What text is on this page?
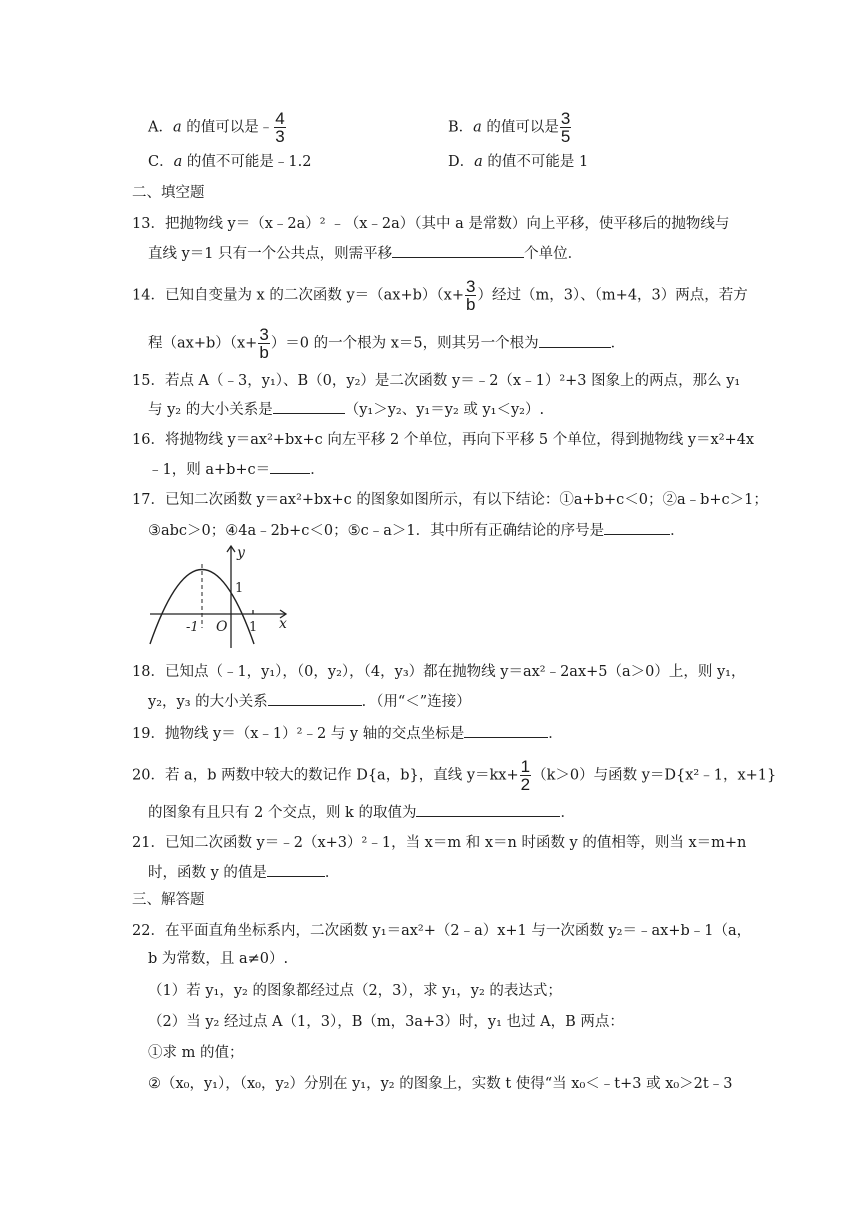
A．a 的值可以是﹣ $\frac{4}{3}$	B．a 的值可以是 $\frac{3}{5}$
C．a 的值不可能是﹣1.2	D．a 的值不可能是 1
二、填空题
13．把抛物线 y＝（x﹣2a）² ﹣（x﹣2a）（其中 a 是常数）向上平移，使平移后的抛物线与
直线 y＝1 只有一个公共点，则需平移	个单位．
14．已知自变量为 x 的二次函数 $y=(ax+b)(x+ \frac{3}{b}$ ）经过（m，3）、（m+4，3）两点，若方
程$(ax+b)(x+ \frac{3}{b} )=0$ 的一个根为 x＝5，则其另一个根为	．
15．若点 A（﹣3，y₁）、B（0，y₂）是二次函数 y＝﹣2（x﹣1）²+3 图象上的两点，那么 y₁
与 y₂ 的大小关系是	（y₁＞y₂、y₁＝y₂ 或 y₁＜y₂）.
16．将抛物线 y＝ax²+bx+c 向左平移 2 个单位，再向下平移 5 个单位，得到抛物线 y＝x²+4x
﹣1，则 a+b+c＝	．
17．已知二次函数 y＝ax²+bx+c 的图象如图所示，有以下结论：①a+b+c＜0；②a﹣b+c＞1；
③abc＞0；④4a﹣2b+c＜0；⑤c﹣a＞1．其中所有正确结论的序号是	．
y
1
-1 O 1 x
18．已知点（﹣1，y₁），（0，y₂），（4，y₃）都在抛物线 y＝ax²﹣2ax+5（a＞0）上，则 y₁，
y₂，y₃ 的大小关系	．（用“＜”连接）
19．抛物线 y＝（x﹣1）²﹣2 与 y 轴的交点坐标是	．
20．若 a，b 两数中较大的数记作 D{a，b}，直线 $y=kx+ \frac{1}{2} (k>0)$与函数 y＝D{x²﹣1，x+1}
的图象有且只有 2 个交点，则 k 的取值为	．
21．已知二次函数 y＝﹣2（x+3）²﹣1，当 x＝m 和 x＝n 时函数 y 的值相等，则当 x＝m+n
时，函数 y 的值是	．
三、解答题
22．在平面直角坐标系内，二次函数 y₁＝ax²+（2﹣a）x+1 与一次函数 y₂＝﹣ax+b﹣1（a，
b 为常数，且 a≠0）.
（1）若 y₁，y₂ 的图象都经过点（2，3），求 y₁，y₂ 的表达式；
（2）当 y₂ 经过点 A（1，3），B（m，3a+3）时，y₁ 也过 A，B 两点：
①求 m 的值；
②（x₀，y₁），（x₀，y₂）分别在 y₁，y₂ 的图象上，实数 t 使得“当 x₀＜﹣t+3 或 x₀＞2t﹣3
